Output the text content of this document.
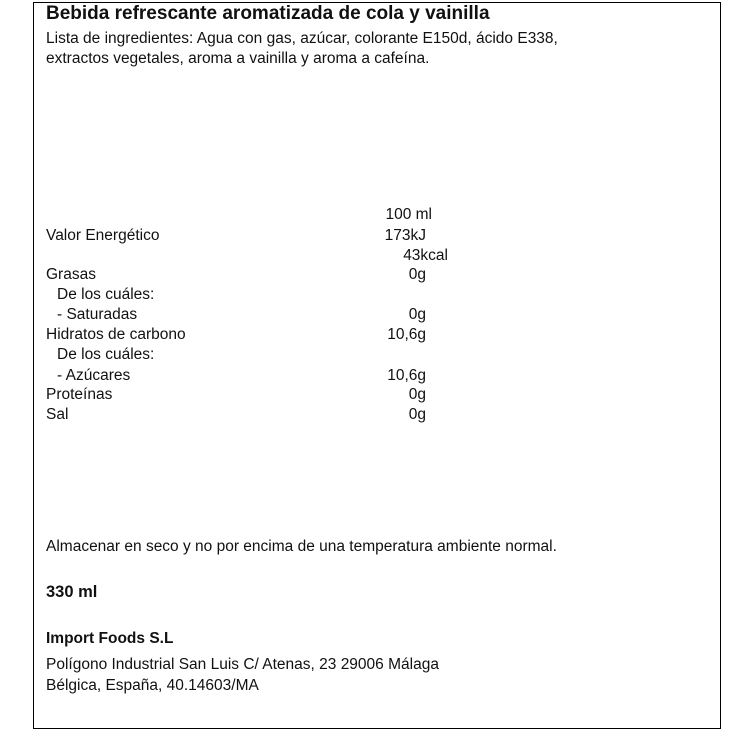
Bebida refrescante aromatizada de cola y vainilla
Lista de ingredientes: Agua con gas, azúcar, colorante E150d, ácido E338,
extractos vegetales, aroma a vainilla y aroma a cafeína.
100 ml
Valor Energético	173kJ
43kcal
Grasas	0g
De los cuáles:
- Saturadas	0g
Hidratos de carbono	10,6g
De los cuáles:
- Azúcares	10,6g
Proteínas	0g
Sal	0g
Almacenar en seco y no por encima de una temperatura ambiente normal.
330 ml
Import Foods S.L
Polígono Industrial San Luis C/ Atenas, 23 29006 Málaga
Bélgica, España, 40.14603/MA
